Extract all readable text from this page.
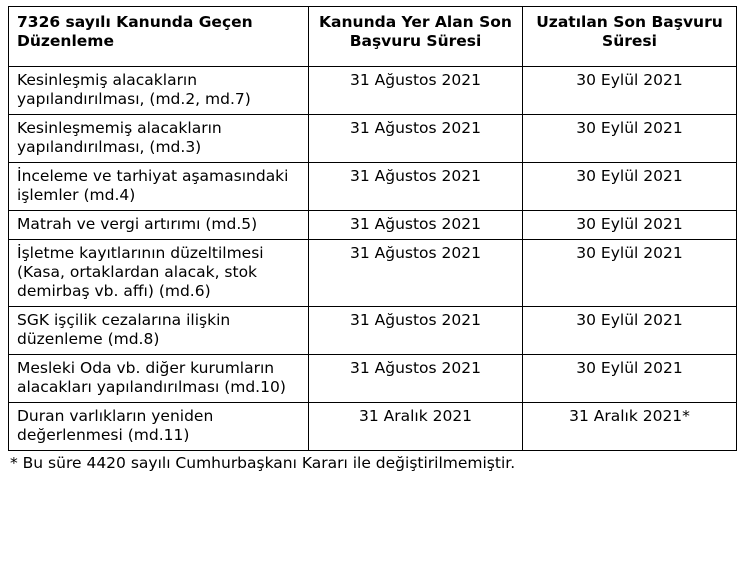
7326 sayılı Kanunda Geçen Düzenleme	Kanunda Yer Alan Son Başvuru Süresi	Uzatılan Son Başvuru Süresi
Kesinleşmiş alacakların yapılandırılması, (md.2, md.7)	31 Ağustos 2021	30 Eylül 2021
Kesinleşmemiş alacakların yapılandırılması, (md.3)	31 Ağustos 2021	30 Eylül 2021
İnceleme ve tarhiyat aşamasındaki işlemler (md.4)	31 Ağustos 2021	30 Eylül 2021
Matrah ve vergi artırımı (md.5)	31 Ağustos 2021	30 Eylül 2021
İşletme kayıtlarının düzeltilmesi (Kasa, ortaklardan alacak, stok demirbaş vb. affı) (md.6)	31 Ağustos 2021	30 Eylül 2021
SGK işçilik cezalarına ilişkin düzenleme (md.8)	31 Ağustos 2021	30 Eylül 2021
Mesleki Oda vb. diğer kurumların alacakları yapılandırılması (md.10)	31 Ağustos 2021	30 Eylül 2021
Duran varlıkların yeniden değerlenmesi (md.11)	31 Aralık 2021	31 Aralık 2021*
* Bu süre 4420 sayılı Cumhurbaşkanı Kararı ile değiştirilmemiştir.
